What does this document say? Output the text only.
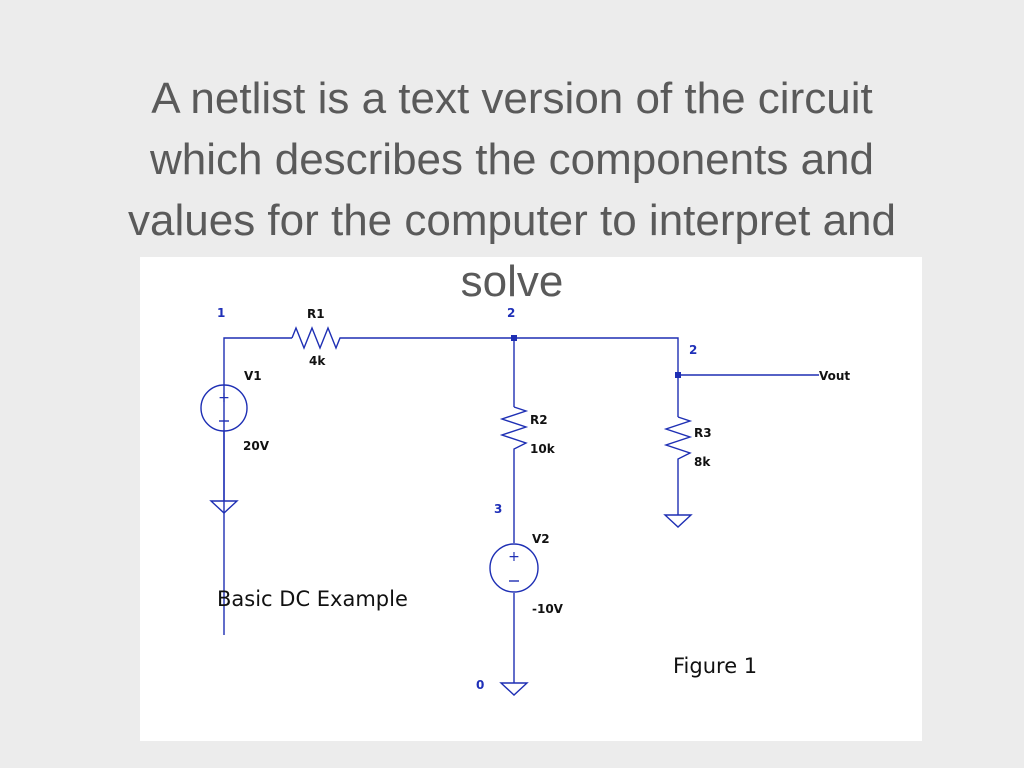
A netlist is a text version of the circuit
which describes the components and
values for the computer to interpret and
solve
+
+
1	2
2
3
0
R1
4k
V1
20V
R2
10k
R3
8k
V2
-10V
Vout
Basic DC Example
Figure 1
